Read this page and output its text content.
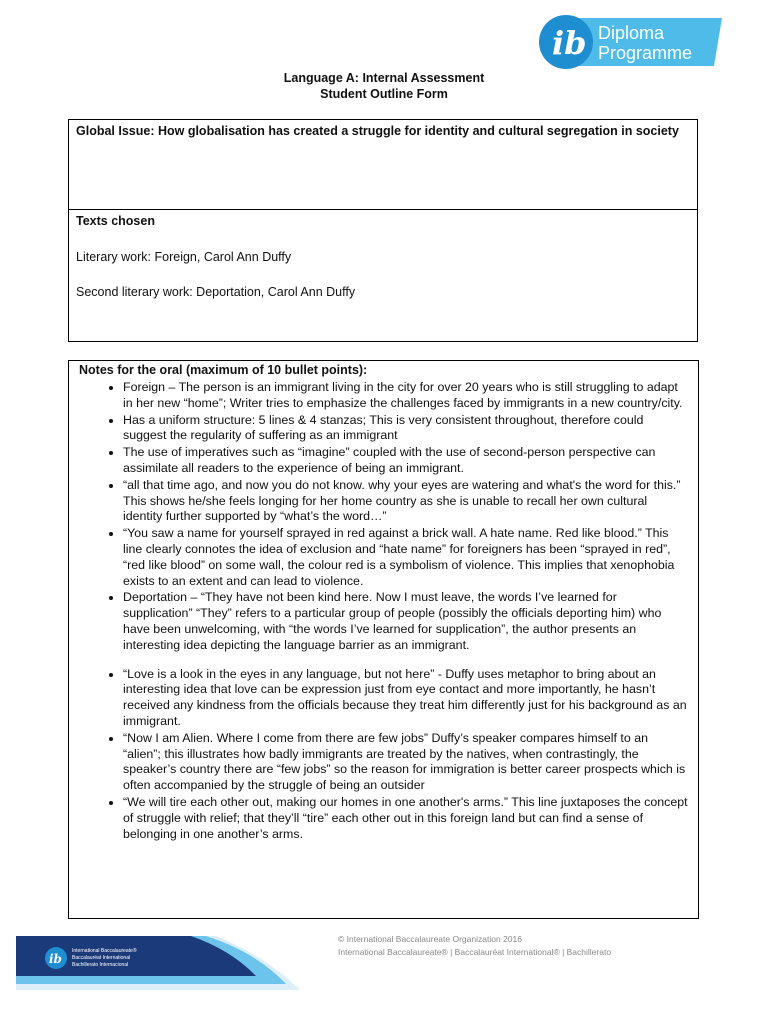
ib Diploma
Programme
Language A: Internal Assessment
Student Outline Form
Global Issue: How globalisation has created a struggle for identity and cultural segregation in society
Texts chosen
Literary work: Foreign, Carol Ann Duffy
Second literary work: Deportation, Carol Ann Duffy
Notes for the oral (maximum of 10 bullet points):
• Foreign – The person is an immigrant living in the city for over 20 years who is still struggling to adapt in her new “home”; Writer tries to emphasize the challenges faced by immigrants in a new country/city.
• Has a uniform structure: 5 lines & 4 stanzas; This is very consistent throughout, therefore could suggest the regularity of suffering as an immigrant
• The use of imperatives such as “imagine” coupled with the use of second-person perspective can assimilate all readers to the experience of being an immigrant.
• “all that time ago, and now you do not know. why your eyes are watering and what's the word for this.” This shows he/she feels longing for her home country as she is unable to recall her own cultural identity further supported by “what’s the word…”
• “You saw a name for yourself sprayed in red against a brick wall. A hate name. Red like blood.” This line clearly connotes the idea of exclusion and “hate name” for foreigners has been “sprayed in red”, “red like blood” on some wall, the colour red is a symbolism of violence. This implies that xenophobia exists to an extent and can lead to violence.
• Deportation – “They have not been kind here. Now I must leave, the words I’ve learned for supplication” “They” refers to a particular group of people (possibly the officials deporting him) who have been unwelcoming, with “the words I’ve learned for supplication”, the author presents an interesting idea depicting the language barrier as an immigrant.
• “Love is a look in the eyes in any language, but not here” - Duffy uses metaphor to bring about an interesting idea that love can be expression just from eye contact and more importantly, he hasn’t received any kindness from the officials because they treat him differently just for his background as an immigrant.
• “Now I am Alien. Where I come from there are few jobs” Duffy’s speaker compares himself to an “alien”; this illustrates how badly immigrants are treated by the natives, when contrastingly, the speaker’s country there are “few jobs” so the reason for immigration is better career prospects which is often accompanied by the struggle of being an outsider
• “We will tire each other out, making our homes in one another's arms.” This line juxtaposes the concept of struggle with relief; that they’ll “tire” each other out in this foreign land but can find a sense of belonging in one another’s arms.
ib
International Baccalaureate®
Baccalauréat International
Bachillerato Internacional
© International Baccalaureate Organization 2016
International Baccalaureate® | Baccalauréat International® | Bachillerato
